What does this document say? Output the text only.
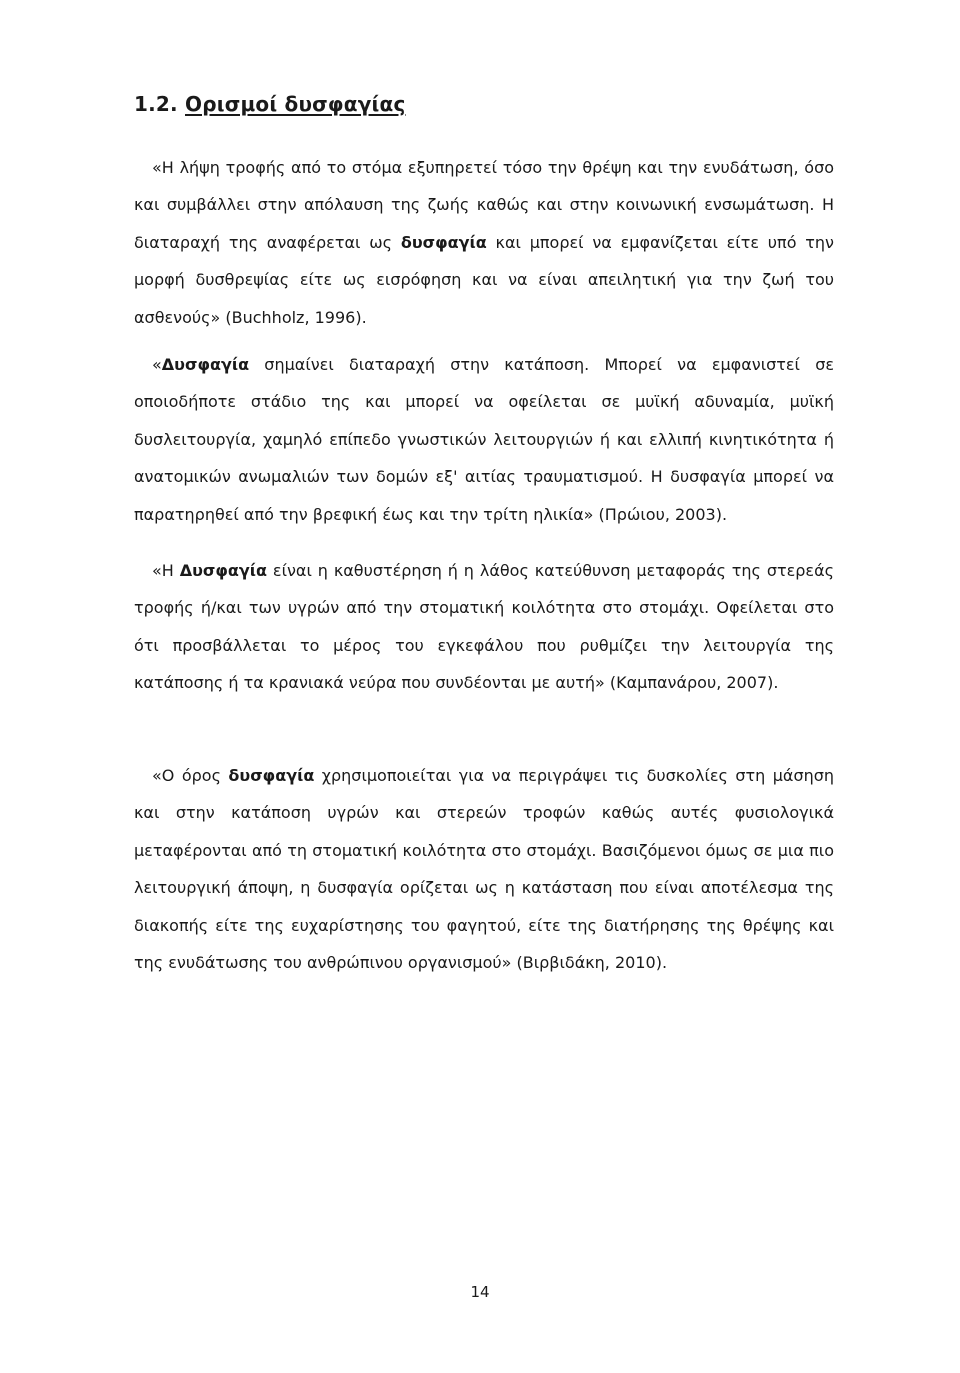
1.2. Ορισμοί δυσφαγίας

«Η λήψη τροφής από το στόμα εξυπηρετεί τόσο την θρέψη και την ενυδάτωση, όσο και συμβάλλει στην απόλαυση της ζωής καθώς και στην κοινωνική ενσωμάτωση. Η διαταραχή της αναφέρεται ως δυσφαγία και μπορεί να εμφανίζεται είτε υπό την μορφή δυσθρεψίας είτε ως εισρόφηση και να είναι απειλητική για την ζωή του ασθενούς» (Buchholz, 1996).

«Δυσφαγία σημαίνει διαταραχή στην κατάποση. Μπορεί να εμφανιστεί σε οποιοδήποτε στάδιο της και μπορεί να οφείλεται σε μυϊκή αδυναμία, μυϊκή δυσλειτουργία, χαμηλό επίπεδο γνωστικών λειτουργιών ή και ελλιπή κινητικότητα ή ανατομικών ανωμαλιών των δομών εξ' αιτίας τραυματισμού. Η δυσφαγία μπορεί να παρατηρηθεί από την βρεφική έως και την τρίτη ηλικία» (Πρώιου, 2003).

«Η Δυσφαγία είναι η καθυστέρηση ή η λάθος κατεύθυνση μεταφοράς της στερεάς τροφής ή/και των υγρών από την στοματική κοιλότητα στο στομάχι. Οφείλεται στο ότι προσβάλλεται το μέρος του εγκεφάλου που ρυθμίζει την λειτουργία της κατάποσης ή τα κρανιακά νεύρα που συνδέονται με αυτή» (Καμπανάρου, 2007).

«Ο όρος δυσφαγία χρησιμοποιείται για να περιγράψει τις δυσκολίες στη μάσηση και στην κατάποση υγρών και στερεών τροφών καθώς αυτές φυσιολογικά μεταφέρονται από τη στοματική κοιλότητα στο στομάχι. Βασιζόμενοι όμως σε μια πιο λειτουργική άποψη, η δυσφαγία ορίζεται ως η κατάσταση που είναι αποτέλεσμα της διακοπής είτε της ευχαρίστησης του φαγητού, είτε της διατήρησης της θρέψης και της ενυδάτωσης του ανθρώπινου οργανισμού» (Βιρβιδάκη, 2010).

14
